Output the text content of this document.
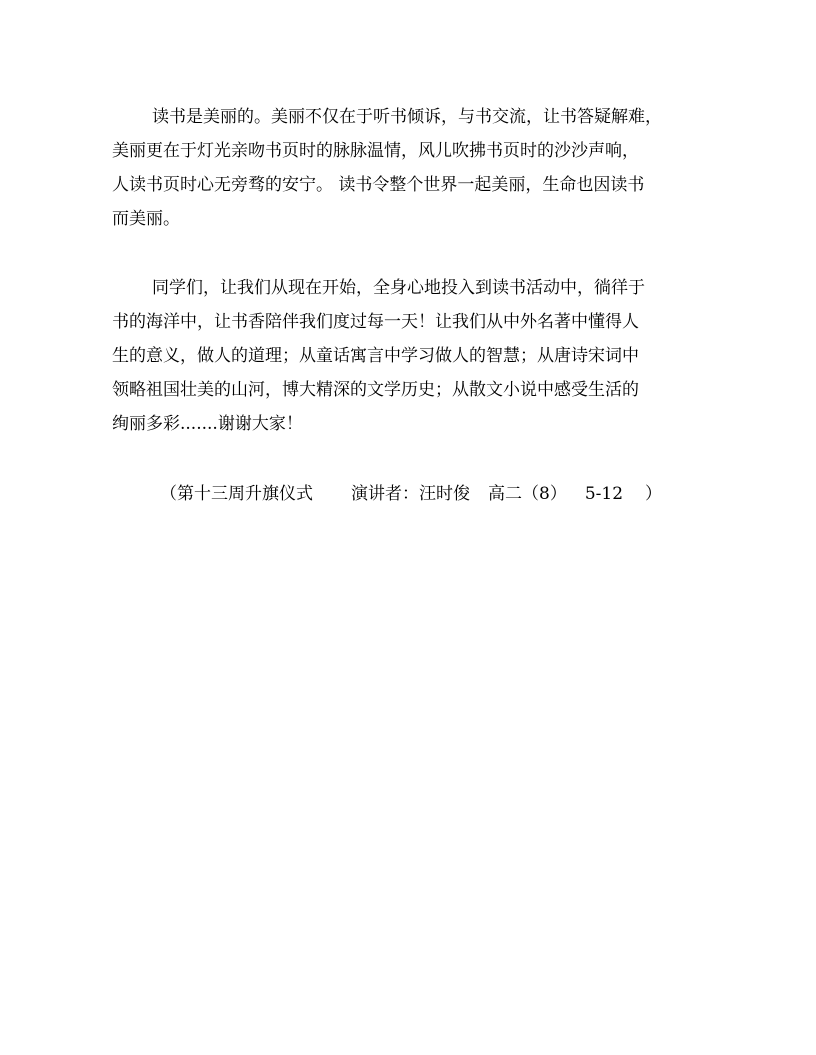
读书是美丽的。美丽不仅在于听书倾诉，与书交流，让书答疑解难，
美丽更在于灯光亲吻书页时的脉脉温情，风儿吹拂书页时的沙沙声响，
人读书页时心无旁骛的安宁。 读书令整个世界一起美丽，生命也因读书
而美丽。
同学们，让我们从现在开始，全身心地投入到读书活动中，徜徉于
书的海洋中，让书香陪伴我们度过每一天！让我们从中外名著中懂得人
生的意义，做人的道理；从童话寓言中学习做人的智慧；从唐诗宋词中
领略祖国壮美的山河，博大精深的文学历史；从散文小说中感受生活的
绚丽多彩.......谢谢大家！
（第十三周升旗仪式 演讲者：汪时俊 高二（8） 5-12 ）
